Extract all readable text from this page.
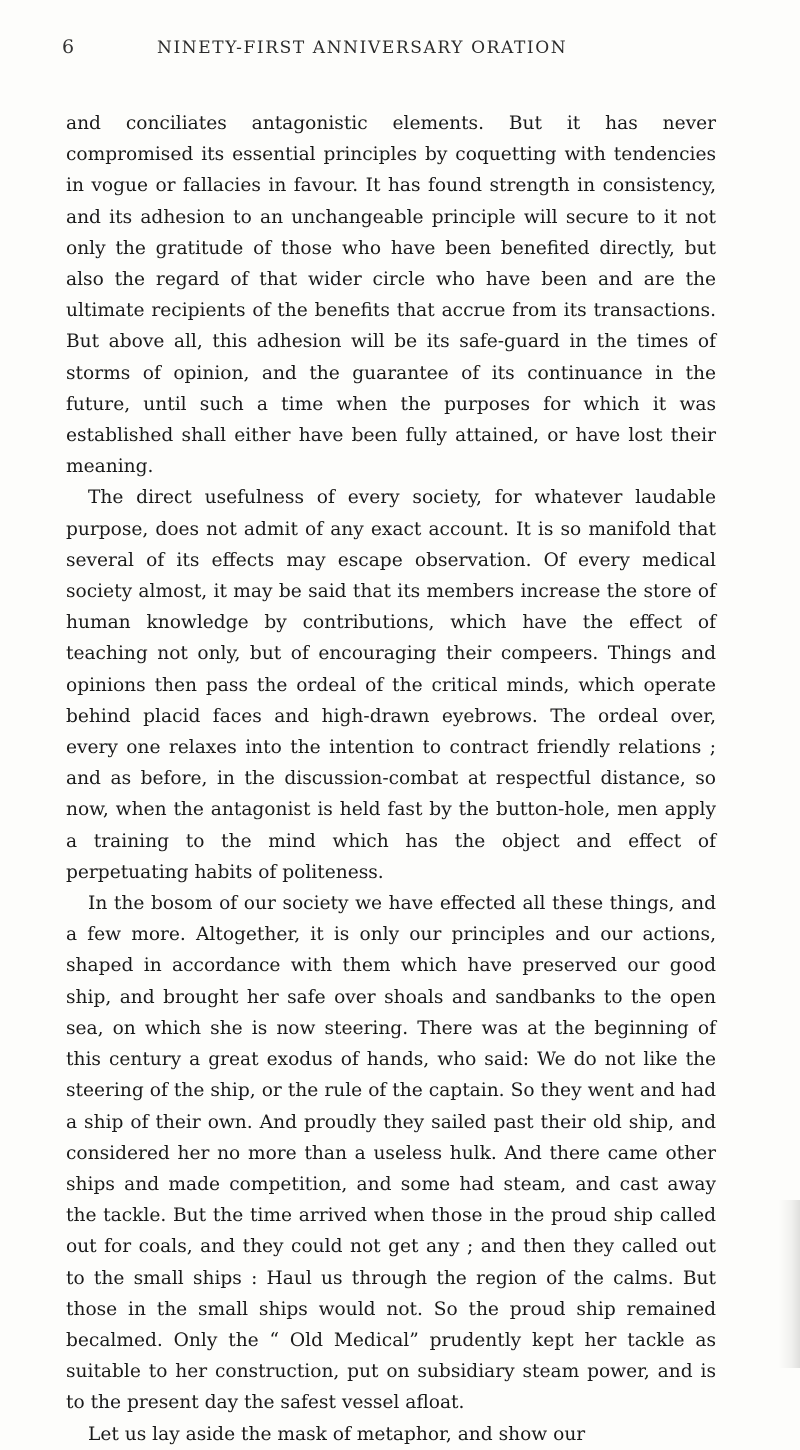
6	NINETY-FIRST ANNIVERSARY ORATION

and conciliates antagonistic elements. But it has never compromised its essential principles by coquetting with tendencies in vogue or fallacies in favour. It has found strength in consistency, and its adhesion to an unchangeable principle will secure to it not only the gratitude of those who have been benefited directly, but also the regard of that wider circle who have been and are the ultimate recipients of the benefits that accrue from its transactions. But above all, this adhesion will be its safe-guard in the times of storms of opinion, and the guarantee of its continuance in the future, until such a time when the purposes for which it was established shall either have been fully attained, or have lost their meaning.

The direct usefulness of every society, for whatever laudable purpose, does not admit of any exact account. It is so manifold that several of its effects may escape observation. Of every medical society almost, it may be said that its members increase the store of human knowledge by contributions, which have the effect of teaching not only, but of encouraging their compeers. Things and opinions then pass the ordeal of the critical minds, which operate behind placid faces and high-drawn eyebrows. The ordeal over, every one relaxes into the intention to contract friendly relations ; and as before, in the discussion-combat at respectful distance, so now, when the antagonist is held fast by the button-hole, men apply a training to the mind which has the object and effect of perpetuating habits of politeness.

In the bosom of our society we have effected all these things, and a few more. Altogether, it is only our principles and our actions, shaped in accordance with them which have preserved our good ship, and brought her safe over shoals and sandbanks to the open sea, on which she is now steering. There was at the beginning of this century a great exodus of hands, who said: We do not like the steering of the ship, or the rule of the captain. So they went and had a ship of their own. And proudly they sailed past their old ship, and considered her no more than a useless hulk. And there came other ships and made competition, and some had steam, and cast away the tackle. But the time arrived when those in the proud ship called out for coals, and they could not get any ; and then they called out to the small ships : Haul us through the region of the calms. But those in the small ships would not. So the proud ship remained becalmed. Only the “ Old Medical” prudently kept her tackle as suitable to her construction, put on subsidiary steam power, and is to the present day the safest vessel afloat.

Let us lay aside the mask of metaphor, and show our
